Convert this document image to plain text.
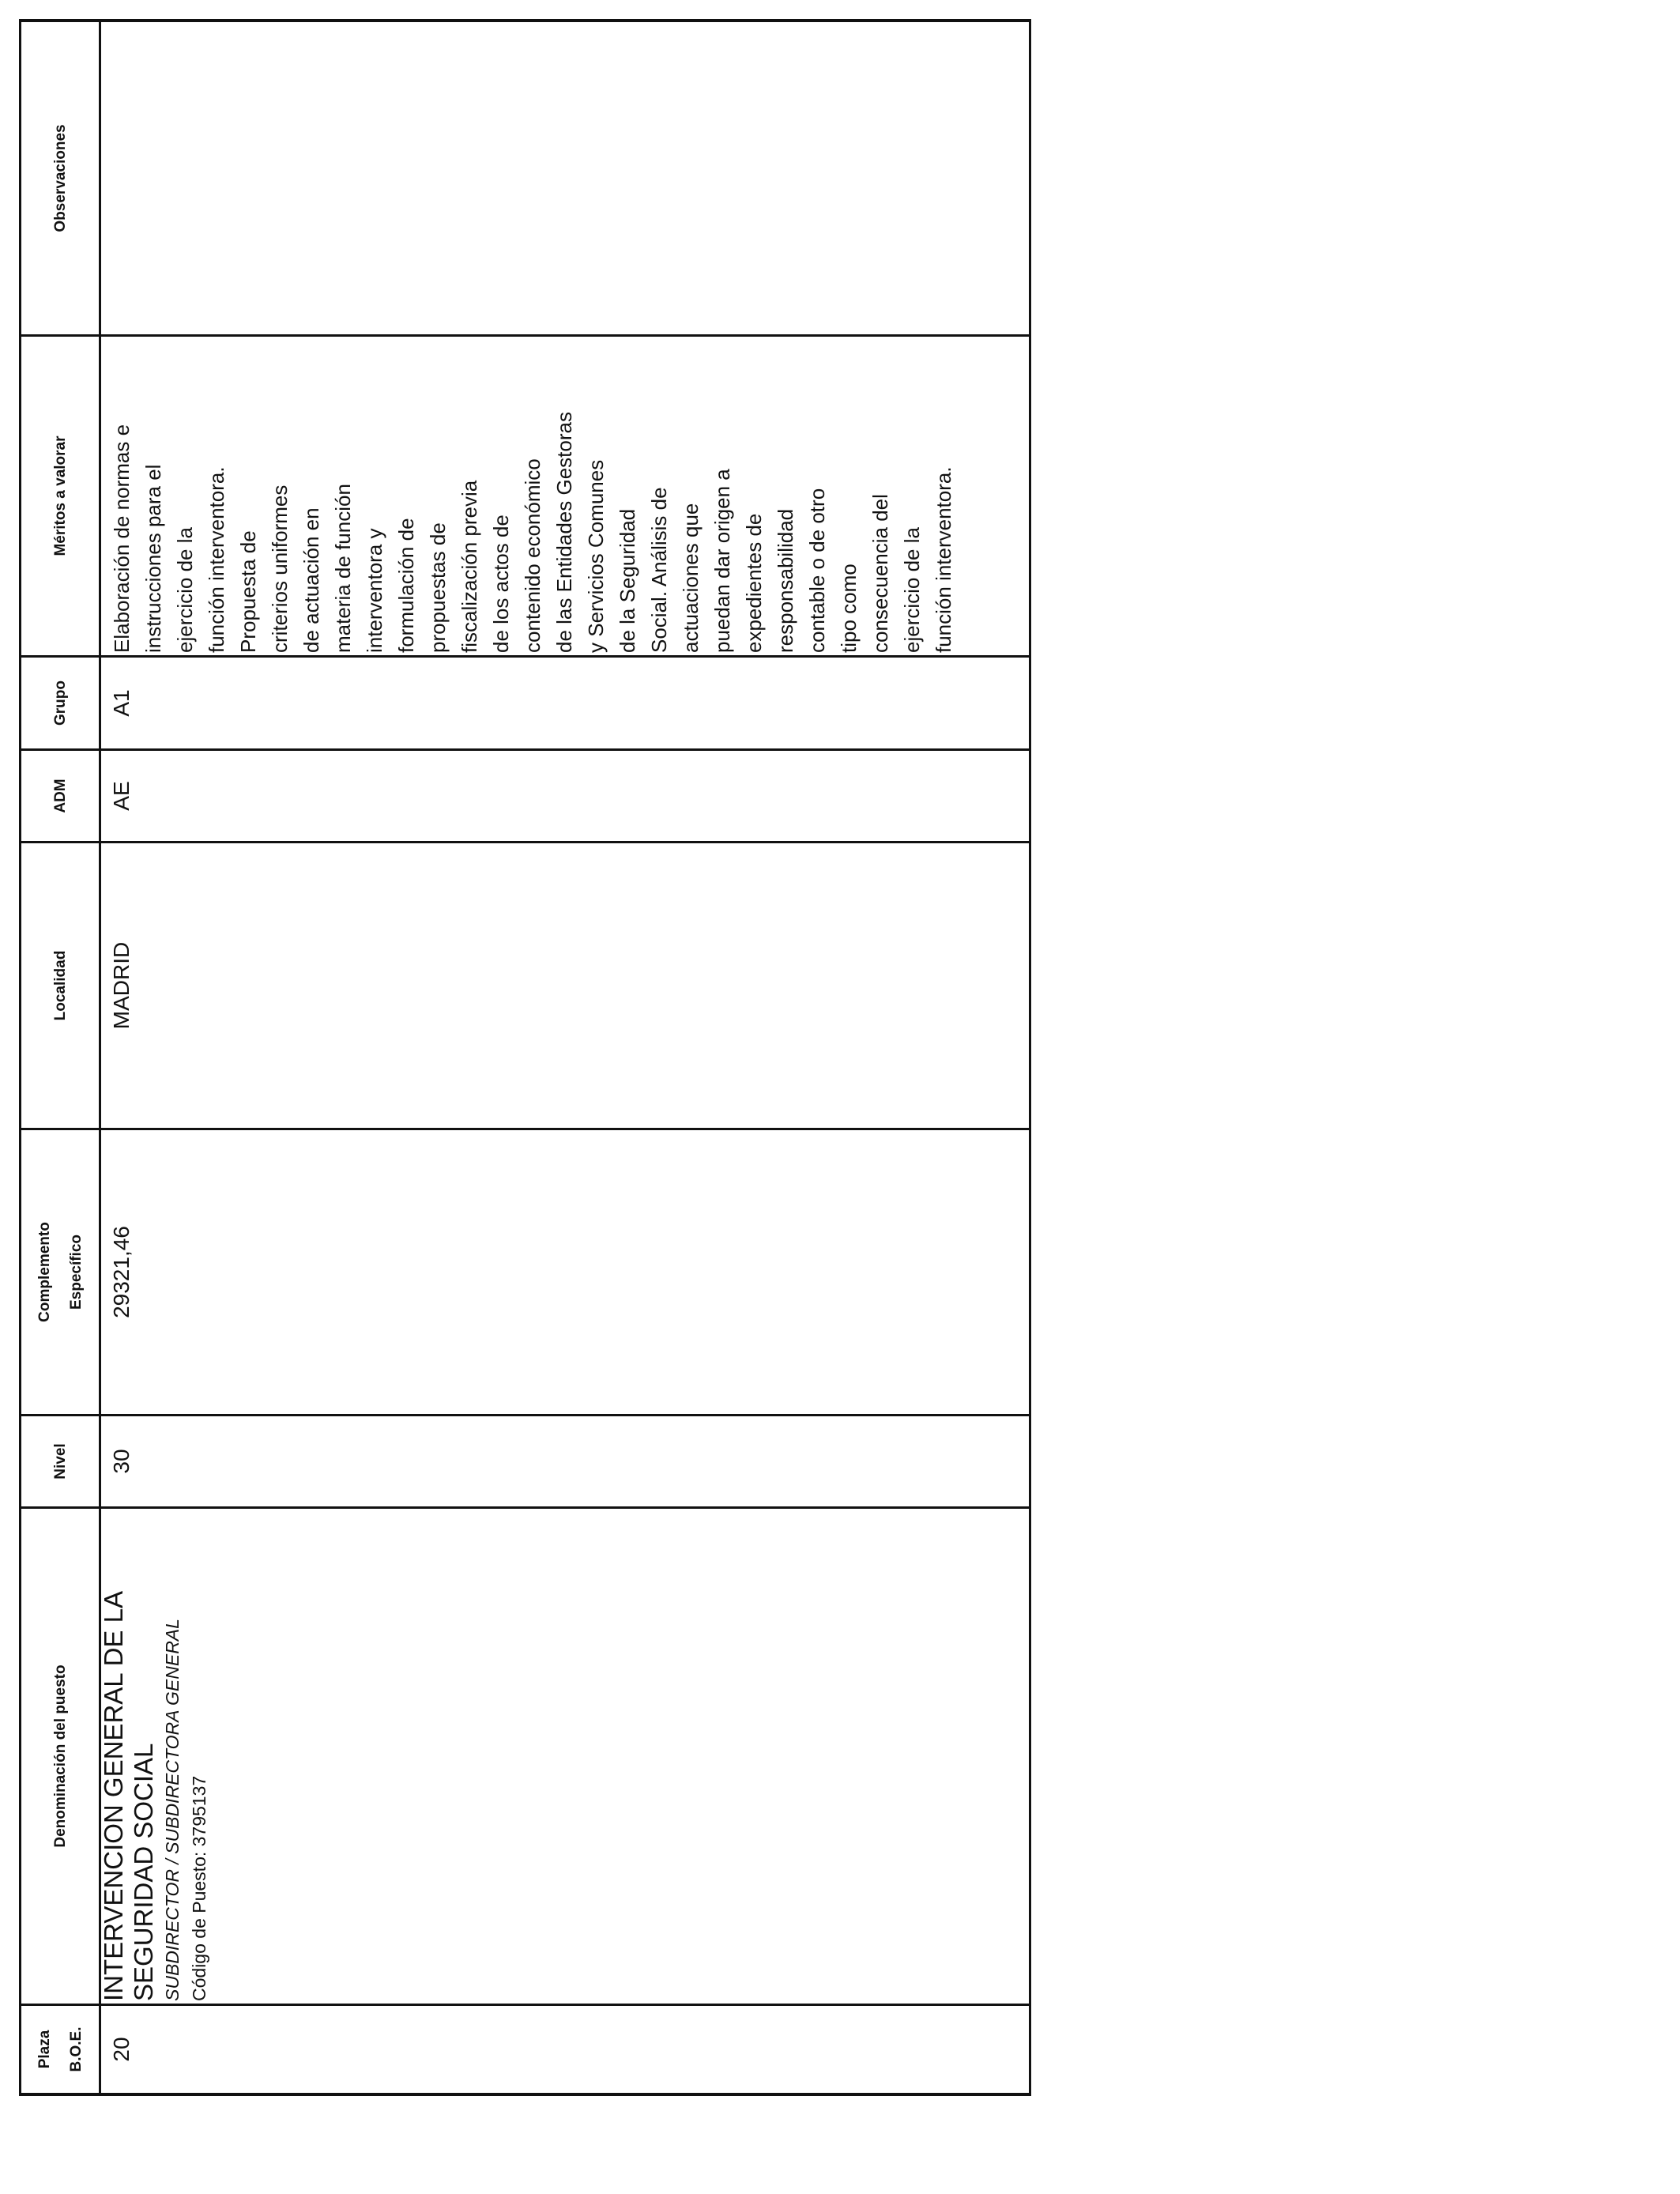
Plaza	B.O.E.
Denominación del puesto
Nivel
Complemento	Específico
Localidad
ADM
Grupo
Méritos a valorar
Observaciones
20
INTERVENCION GENERAL DE LA SEGURIDAD SOCIAL SUBDIRECTOR / SUBDIRECTORA GENERAL Código de Puesto: 3795137
30
29321,46
MADRID
AE
A1
Elaboración de normas e instrucciones para el ejercicio de la función interventora. Propuesta de criterios uniformes de actuación en materia de función interventora y formulación de propuestas de fiscalización previa de los actos de contenido económico de las Entidades Gestoras y Servicios Comunes de la Seguridad Social. Análisis de actuaciones que puedan dar origen a expedientes de responsabilidad contable o de otro tipo como consecuencia del ejercicio de la función interventora.
